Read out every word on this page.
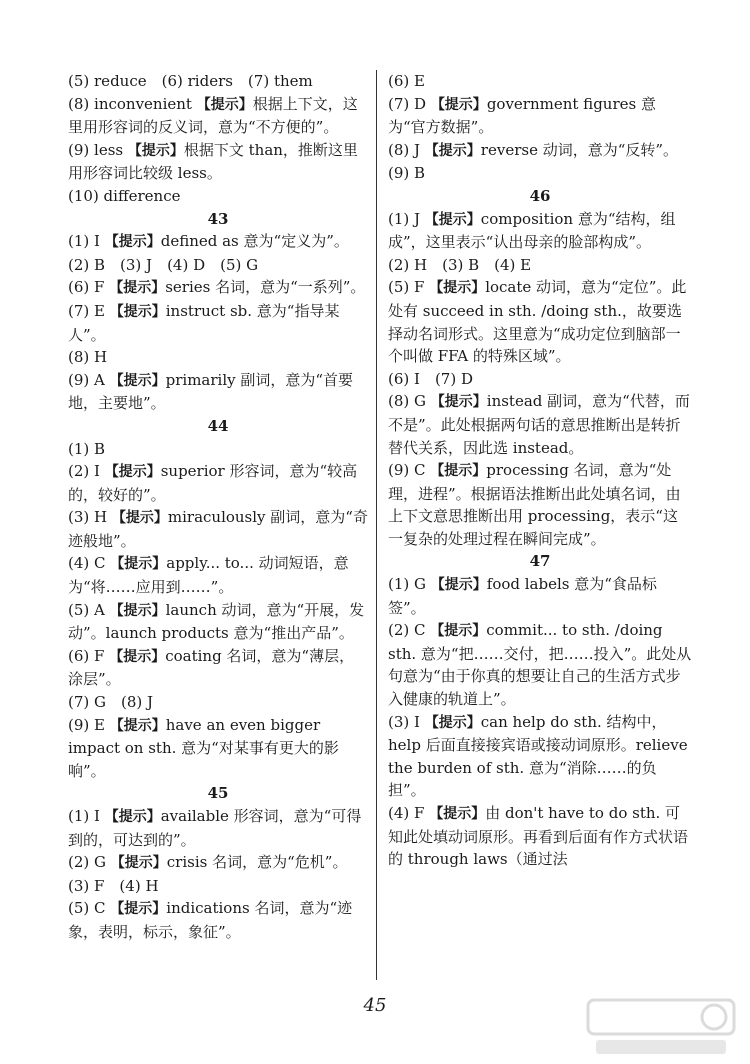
(5) reduce　(6) riders　(7) them
(8) inconvenient 【提示】根据上下文，这里用形容词的反义词，意为“不方便的”。
(9) less 【提示】根据下文 than，推断这里用形容词比较级 less。
(10) difference
43
(1) I 【提示】defined as 意为“定义为”。
(2) B　(3) J　(4) D　(5) G
(6) F 【提示】series 名词，意为“一系列”。
(7) E 【提示】instruct sb. 意为“指导某人”。
(8) H
(9) A 【提示】primarily 副词，意为“首要地，主要地”。
44
(1) B
(2) I 【提示】superior 形容词，意为“较高的，较好的”。
(3) H 【提示】miraculously 副词，意为“奇迹般地”。
(4) C 【提示】apply... to... 动词短语，意为“将……应用到……”。
(5) A 【提示】launch 动词，意为“开展，发动”。launch products 意为“推出产品”。
(6) F 【提示】coating 名词，意为“薄层，涂层”。
(7) G　(8) J
(9) E 【提示】have an even bigger impact on sth. 意为“对某事有更大的影响”。
45
(1) I 【提示】available 形容词，意为“可得到的，可达到的”。
(2) G 【提示】crisis 名词，意为“危机”。
(3) F　(4) H
(5) C 【提示】indications 名词，意为“迹象，表明，标示，象征”。
(6) E
(7) D 【提示】government figures 意为“官方数据”。
(8) J 【提示】reverse 动词，意为“反转”。
(9) B
46
(1) J 【提示】composition 意为“结构，组成”，这里表示“认出母亲的脸部构成”。
(2) H　(3) B　(4) E
(5) F 【提示】locate 动词，意为“定位”。此处有 succeed in sth. /doing sth.，故要选择动名词形式。这里意为“成功定位到脑部一个叫做 FFA 的特殊区域”。
(6) I　(7) D
(8) G 【提示】instead 副词，意为“代替，而不是”。此处根据两句话的意思推断出是转折替代关系，因此选 instead。
(9) C 【提示】processing 名词，意为“处理，进程”。根据语法推断出此处填名词，由上下文意思推断出用 processing，表示“这一复杂的处理过程在瞬间完成”。
47
(1) G 【提示】food labels 意为“食品标签”。
(2) C 【提示】commit... to sth. /doing sth. 意为“把……交付，把……投入”。此处从句意为“由于你真的想要让自己的生活方式步入健康的轨道上”。
(3) I 【提示】can help do sth. 结构中，help 后面直接接宾语或接动词原形。relieve the burden of sth. 意为“消除……的负担”。
(4) F 【提示】由 don't have to do sth. 可知此处填动词原形。再看到后面有作方式状语的 through laws（通过法
45
